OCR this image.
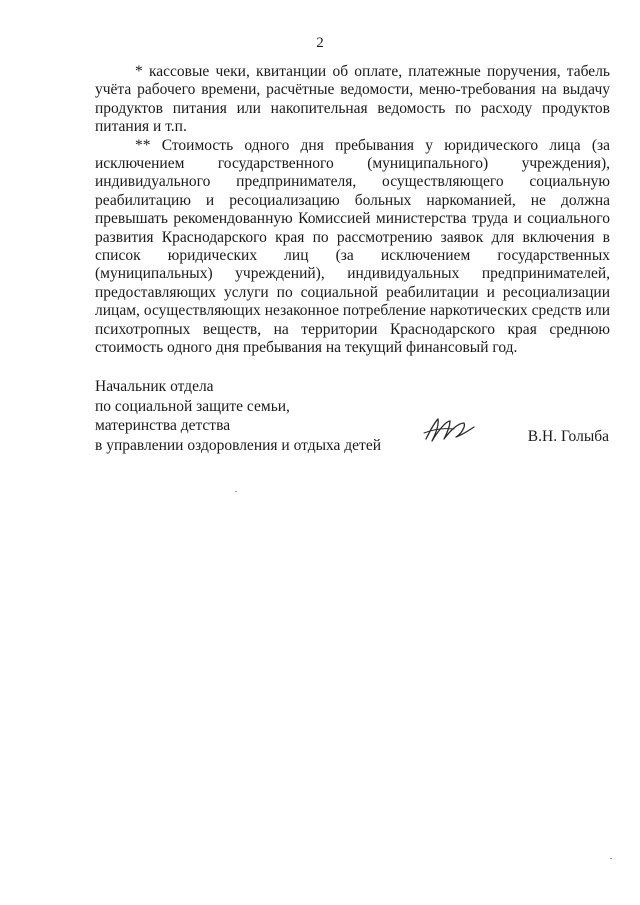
2

* кассовые чеки, квитанции об оплате, платежные поручения, табель учёта рабочего времени, расчётные ведомости, меню-требования на выдачу продуктов питания или накопительная ведомость по расходу продуктов питания и т.п.

** Стоимость одного дня пребывания у юридического лица (за исключением государственного (муниципального) учреждения), индивидуального предпринимателя, осуществляющего социальную реабилитацию и ресоциализацию больных наркоманией, не должна превышать рекомендованную Комиссией министерства труда и социального развития Краснодарского края по рассмотрению заявок для включения в список юридических лиц (за исключением государственных (муниципальных) учреждений), индивидуальных предпринимателей, предоставляющих услуги по социальной реабилитации и ресоциализации лицам, осуществляющих незаконное потребление наркотических средств или психотропных веществ, на территории Краснодарского края среднюю стоимость одного дня пребывания на текущий финансовый год.

Начальник отдела
по социальной защите семьи,
материнства детства
в управлении оздоровления и отдыха детей	В.Н. Голыба
